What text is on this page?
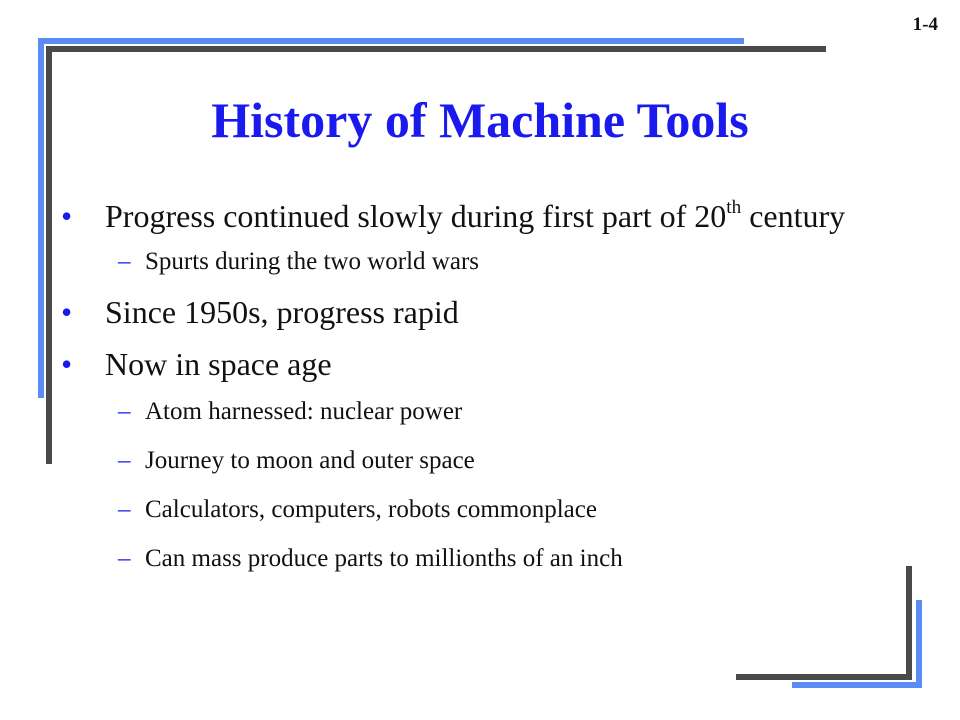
1-4
History of Machine Tools
• Progress continued slowly during first part of 20th century
– Spurts during the two world wars
• Since 1950s, progress rapid
• Now in space age
– Atom harnessed: nuclear power
– Journey to moon and outer space
– Calculators, computers, robots commonplace
– Can mass produce parts to millionths of an inch
